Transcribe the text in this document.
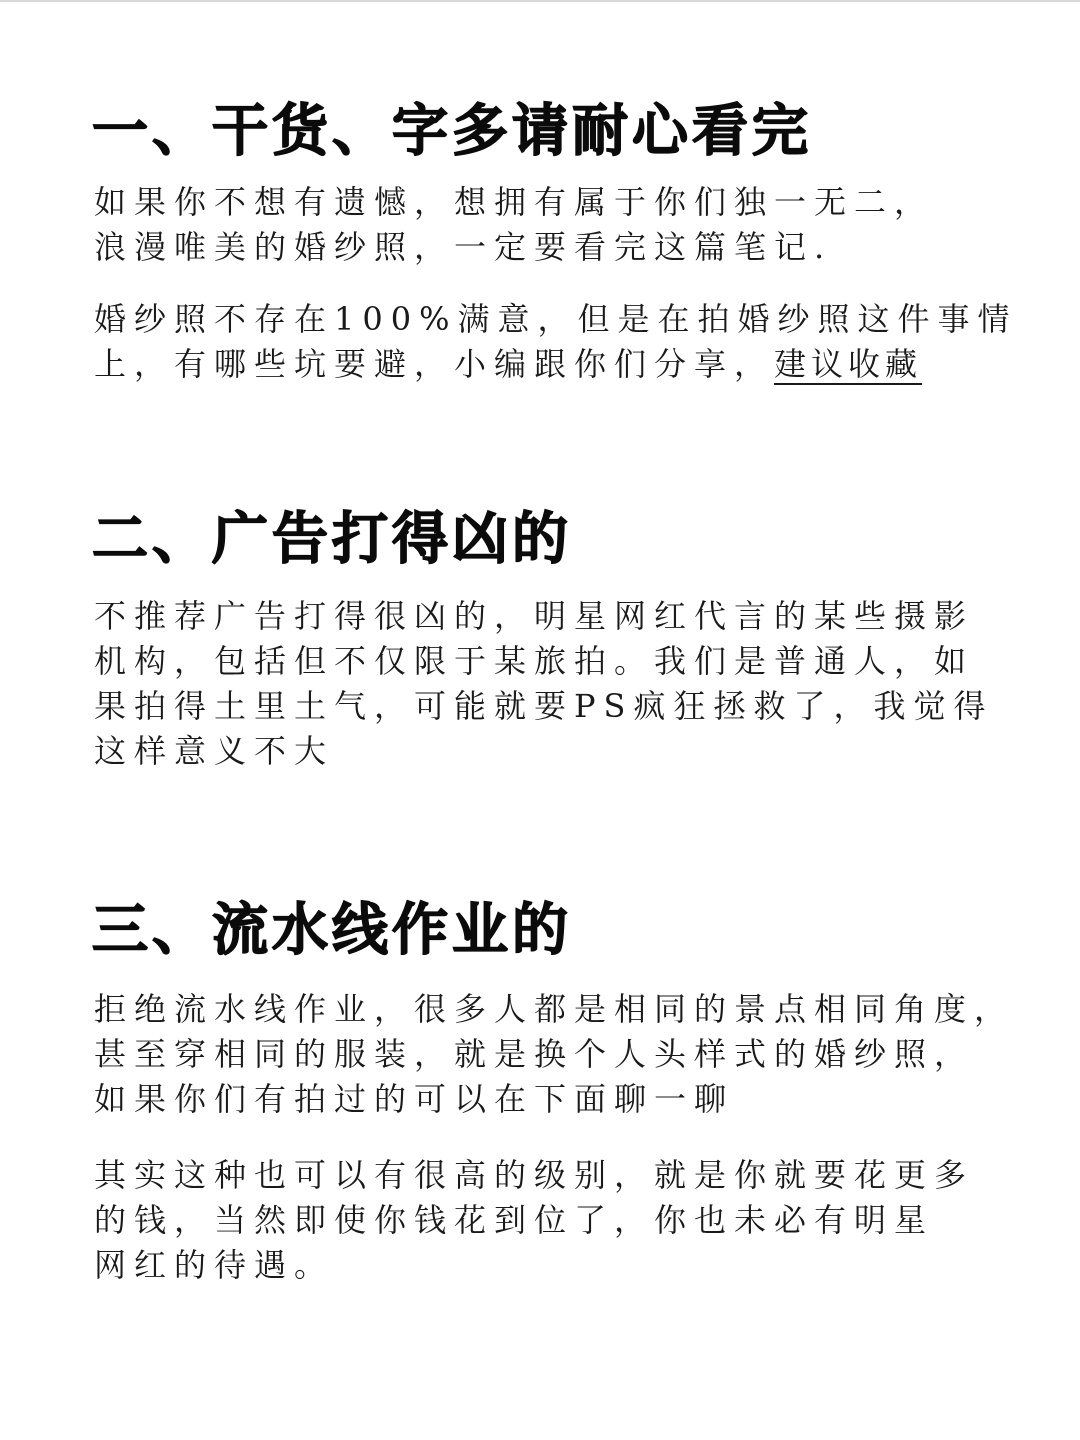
一、干货、字多请耐心看完

如果你不想有遗憾，想拥有属于你们独一无二，
浪漫唯美的婚纱照，一定要看完这篇笔记.

婚纱照不存在100%满意，但是在拍婚纱照这件事情
上，有哪些坑要避，小编跟你们分享，建议收藏

二、广告打得凶的

不推荐广告打得很凶的，明星网红代言的某些摄影
机构，包括但不仅限于某旅拍。我们是普通人，如
果拍得土里土气，可能就要PS疯狂拯救了，我觉得
这样意义不大

三、流水线作业的

拒绝流水线作业，很多人都是相同的景点相同角度，
甚至穿相同的服装，就是换个人头样式的婚纱照，
如果你们有拍过的可以在下面聊一聊

其实这种也可以有很高的级别，就是你就要花更多
的钱，当然即使你钱花到位了，你也未必有明星
网红的待遇。
